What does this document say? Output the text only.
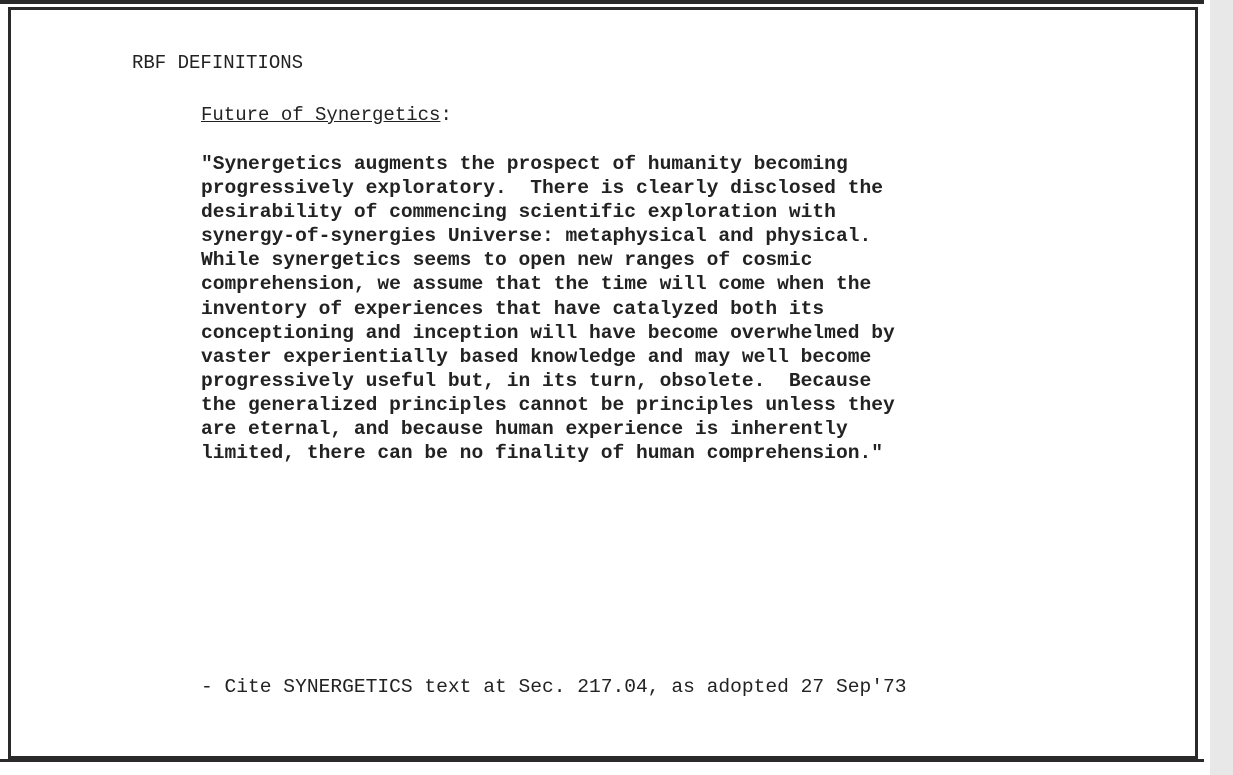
RBF DEFINITIONS
Future of Synergetics:
"Synergetics augments the prospect of humanity becoming
progressively exploratory.  There is clearly disclosed the
desirability of commencing scientific exploration with
synergy-of-synergies Universe: metaphysical and physical.
While synergetics seems to open new ranges of cosmic
comprehension, we assume that the time will come when the
inventory of experiences that have catalyzed both its
conceptioning and inception will have become overwhelmed by
vaster experientially based knowledge and may well become
progressively useful but, in its turn, obsolete.  Because
the generalized principles cannot be principles unless they
are eternal, and because human experience is inherently
limited, there can be no finality of human comprehension."
- Cite SYNERGETICS text at Sec. 217.04, as adopted 27 Sep'73
